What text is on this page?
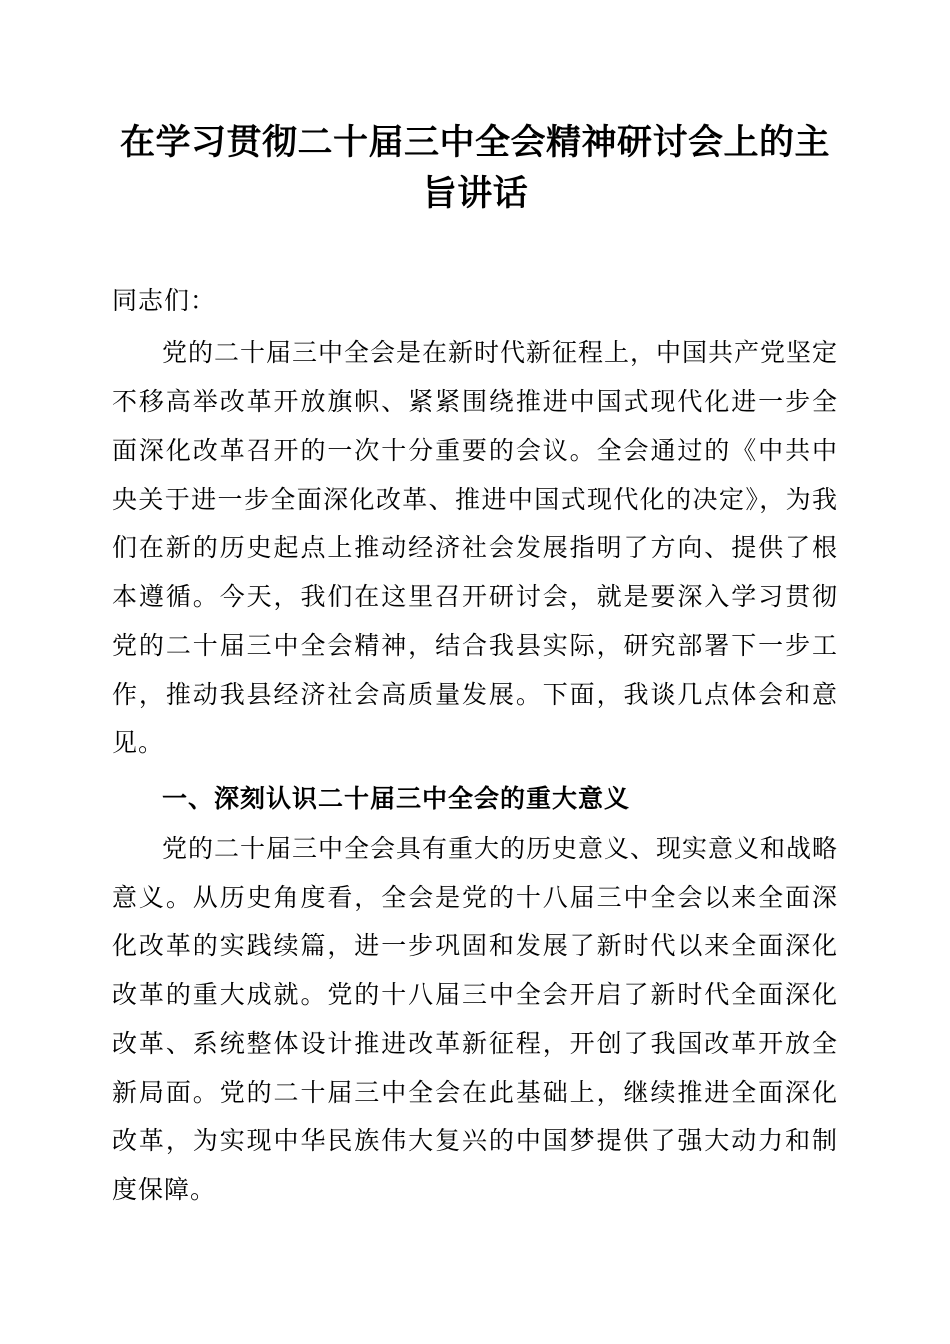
在学习贯彻二十届三中全会精神研讨会上的主旨讲话

同志们：

党的二十届三中全会是在新时代新征程上，中国共产党坚定不移高举改革开放旗帜、紧紧围绕推进中国式现代化进一步全面深化改革召开的一次十分重要的会议。全会通过的《中共中央关于进一步全面深化改革、推进中国式现代化的决定》，为我们在新的历史起点上推动经济社会发展指明了方向、提供了根本遵循。今天，我们在这里召开研讨会，就是要深入学习贯彻党的二十届三中全会精神，结合我县实际，研究部署下一步工作，推动我县经济社会高质量发展。下面，我谈几点体会和意见。

一、深刻认识二十届三中全会的重大意义

党的二十届三中全会具有重大的历史意义、现实意义和战略意义。从历史角度看，全会是党的十八届三中全会以来全面深化改革的实践续篇，进一步巩固和发展了新时代以来全面深化改革的重大成就。党的十八届三中全会开启了新时代全面深化改革、系统整体设计推进改革新征程，开创了我国改革开放全新局面。党的二十届三中全会在此基础上，继续推进全面深化改革，为实现中华民族伟大复兴的中国梦提供了强大动力和制度保障。
